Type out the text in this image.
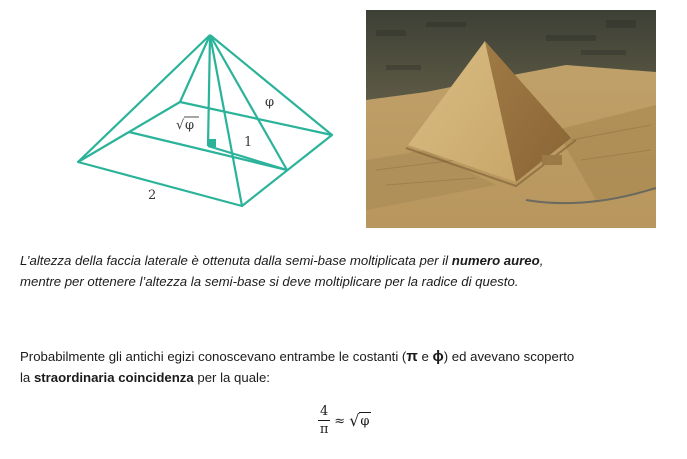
φ
√ φ
1
2
L’altezza della faccia laterale è ottenuta dalla semi-base moltiplicata per il numero aureo,
mentre per ottenere l’altezza la semi-base si deve moltiplicare per la radice di questo.
Probabilmente gli antichi egizi conoscevano entrambe le costanti (π e ϕ) ed avevano scoperto
la straordinaria coincidenza per la quale:
$\frac{4}{\pi}$ ≈ √ φ
